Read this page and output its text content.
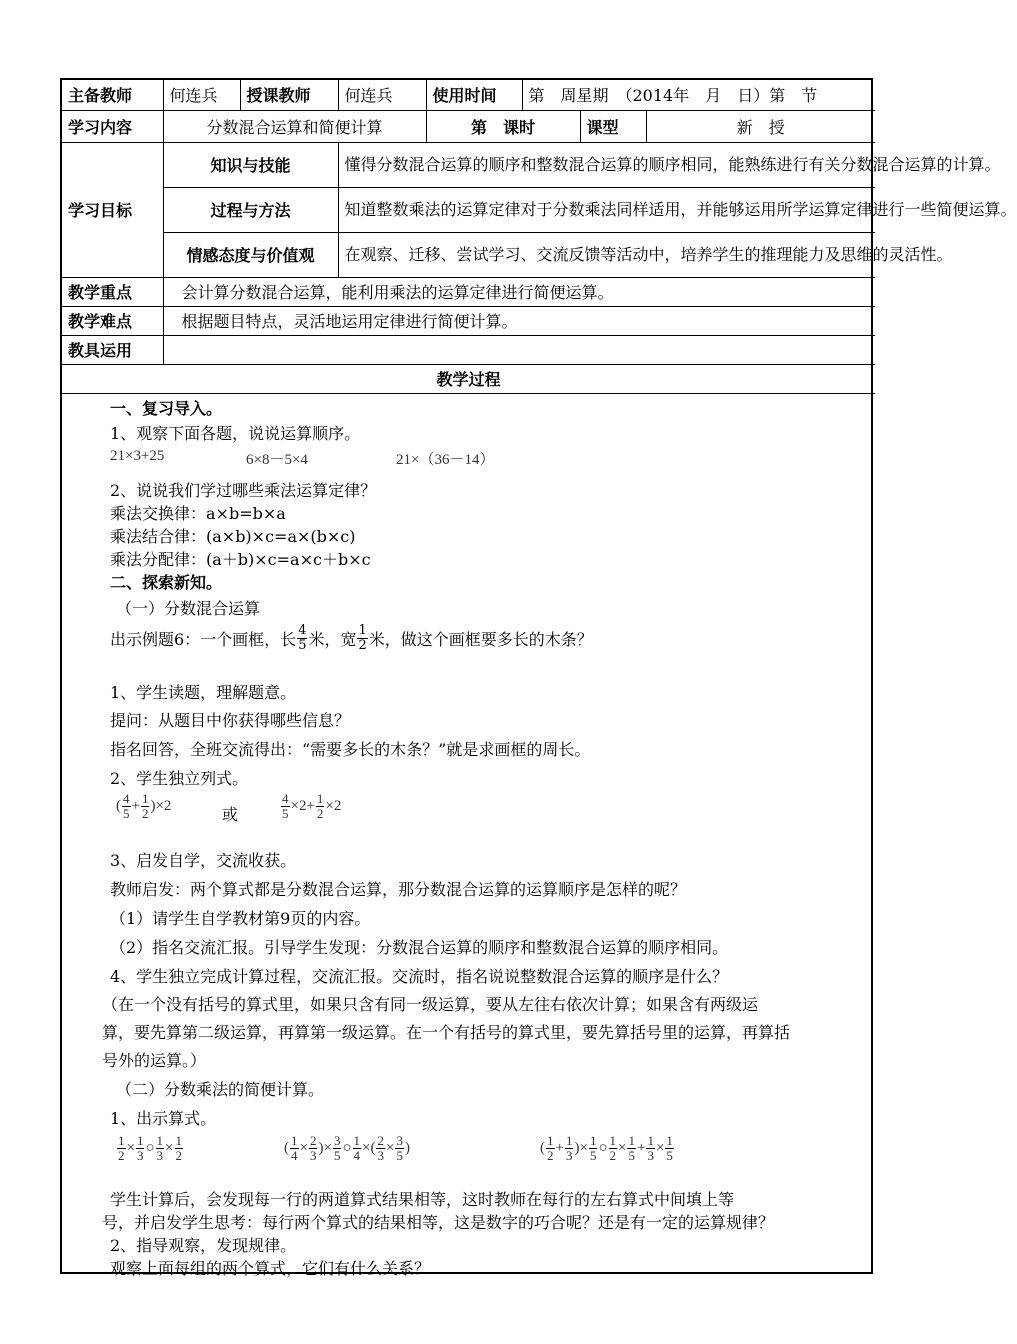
主备教师	何连兵	授课教师	何连兵	使用时间	第　周星期　（2014年　月　日）第　节		
学习内容	分数混合运算和简便计算			第　课时		课型	新　授
学习目标	知识与技能		懂得分数混合运算的顺序和整数混合运算的顺序相同，能熟练进行有关分数混合运算的计算。				
	过程与方法		知道整数乘法的运算定律对于分数乘法同样适用，并能够运用所学运算定律进行一些简便运算。				
	情感态度与价值观		在观察、迁移、尝试学习、交流反馈等活动中，培养学生的推理能力及思维的灵活性。				
教学重点	会计算分数混合运算，能利用乘法的运算定律进行简便运算。						
教学难点	根据题目特点，灵活地运用定律进行简便计算。						
教具运用							
教学过程							
一、复习导入。
1、观察下面各题，说说运算顺序。
21×3+25	6×8－5×4	21×（36－14）
2、说说我们学过哪些乘法运算定律？
乘法交换律：a×b=b×a
乘法结合律：(a×b)×c=a×(b×c)
乘法分配律：(a＋b)×c=a×c＋b×c
二、探索新知。
（一）分数混合运算
出示例题6：一个画框，长 $\frac{4}{5}$ 米，宽 $\frac{1}{2}$ 米，做这个画框要多长的木条？
1、学生读题，理解题意。
提问：从题目中你获得哪些信息？
指名回答，全班交流得出：“需要多长的木条？”就是求画框的周长。
2、学生独立列式。
( $\frac{4}{5} + \frac{1}{2} )\times 2$	或	$\frac{4}{5} \times 2+ \frac{1}{2} \times 2$
3、启发自学，交流收获。
教师启发：两个算式都是分数混合运算，那分数混合运算的运算顺序是怎样的呢？
（1）请学生自学教材第9页的内容。
（2）指名交流汇报。引导学生发现：分数混合运算的顺序和整数混合运算的顺序相同。
4、学生独立完成计算过程，交流汇报。交流时，指名说说整数混合运算的顺序是什么？
（在一个没有括号的算式里，如果只含有同一级运算，要从左往右依次计算；如果含有两级运
算，要先算第二级运算，再算第一级运算。在一个有括号的算式里，要先算括号里的运算，再算括
号外的运算。）
（二）分数乘法的简便计算。
1、出示算式。
$\frac{1}{2} \times \frac{1}{3}$ ○ $\frac{1}{3} \times \frac{1}{2}$	( $\frac{1}{4} \times \frac{2}{3}$ )× $\frac{3}{5}$ ○ $\frac{1}{4}$ ×( $\frac{2}{3} \times \frac{3}{5}$ )	( $\frac{1}{2} + \frac{1}{3}$ )× $\frac{1}{5}$ ○ $\frac{1}{2} \times \frac{1}{5} + \frac{1}{3} \times \frac{1}{5}$
学生计算后，会发现每一行的两道算式结果相等，这时教师在每行的左右算式中间填上等
号，并启发学生思考：每行两个算式的结果相等，这是数字的巧合呢？还是有一定的运算规律？
2、指导观察，发现规律。
观察上面每组的两个算式，它们有什么关系？
